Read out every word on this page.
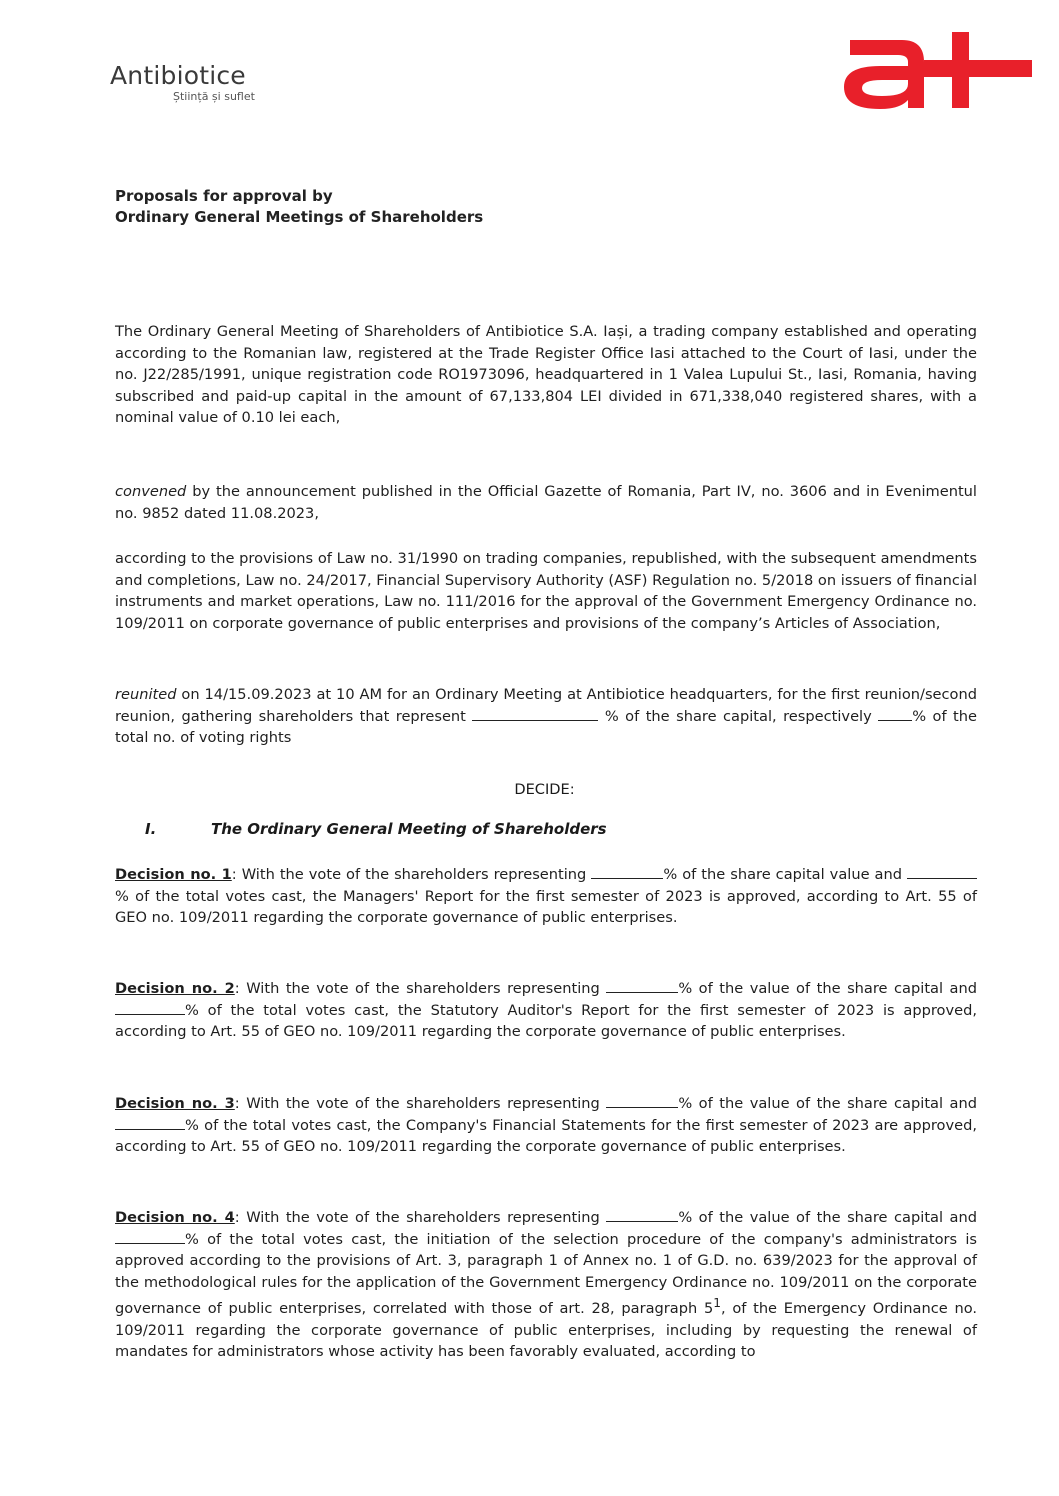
Antibiotice
Știință și suflet
Proposals for approval by
Ordinary General Meetings of Shareholders
The Ordinary General Meeting of Shareholders of Antibiotice S.A. Iași, a trading company established and operating according to the Romanian law, registered at the Trade Register Office Iasi attached to the Court of Iasi, under the no. J22/285/1991, unique registration code RO1973096, headquartered in 1 Valea Lupului St., Iasi, Romania, having subscribed and paid-up capital in the amount of 67,133,804 LEI divided in 671,338,040 registered shares, with a nominal value of 0.10 lei each,
convened by the announcement published in the Official Gazette of Romania, Part IV, no. 3606 and in Evenimentul no. 9852 dated 11.08.2023,
according to the provisions of Law no. 31/1990 on trading companies, republished, with the subsequent amendments and completions, Law no. 24/2017, Financial Supervisory Authority (ASF) Regulation no. 5/2018 on issuers of financial instruments and market operations, Law no. 111/2016 for the approval of the Government Emergency Ordinance no. 109/2011 on corporate governance of public enterprises and provisions of the company’s Articles of Association,
reunited on 14/15.09.2023 at 10 AM for an Ordinary Meeting at Antibiotice headquarters, for the first reunion/second reunion, gathering shareholders that represent	% of the share capital, respectively % of the total no. of voting rights
DECIDE:
I.	The Ordinary General Meeting of Shareholders
Decision no. 1: With the vote of the shareholders representing	% of the share capital value and % of the total votes cast, the Managers' Report for the first semester of 2023 is approved, according to Art. 55 of GEO no. 109/2011 regarding the corporate governance of public enterprises.
Decision no. 2: With the vote of the shareholders representing	% of the value of the share capital and % of the total votes cast, the Statutory Auditor's Report for the first semester of 2023 is approved, according to Art. 55 of GEO no. 109/2011 regarding the corporate governance of public enterprises.
Decision no. 3: With the vote of the shareholders representing	% of the value of the share capital and % of the total votes cast, the Company's Financial Statements for the first semester of 2023 are approved, according to Art. 55 of GEO no. 109/2011 regarding the corporate governance of public enterprises.
Decision no. 4: With the vote of the shareholders representing	% of the value of the share capital and % of the total votes cast, the initiation of the selection procedure of the company's administrators is approved according to the provisions of Art. 3, paragraph 1 of Annex no. 1 of G.D. no. 639/2023 for the approval of the methodological rules for the application of the Government Emergency Ordinance no. 109/2011 on the corporate governance of public enterprises, correlated with those of art. 28, paragraph $5^1$, of the Emergency Ordinance no. 109/2011 regarding the corporate governance of public enterprises, including by requesting the renewal of mandates for administrators whose activity has been favorably evaluated, according to
